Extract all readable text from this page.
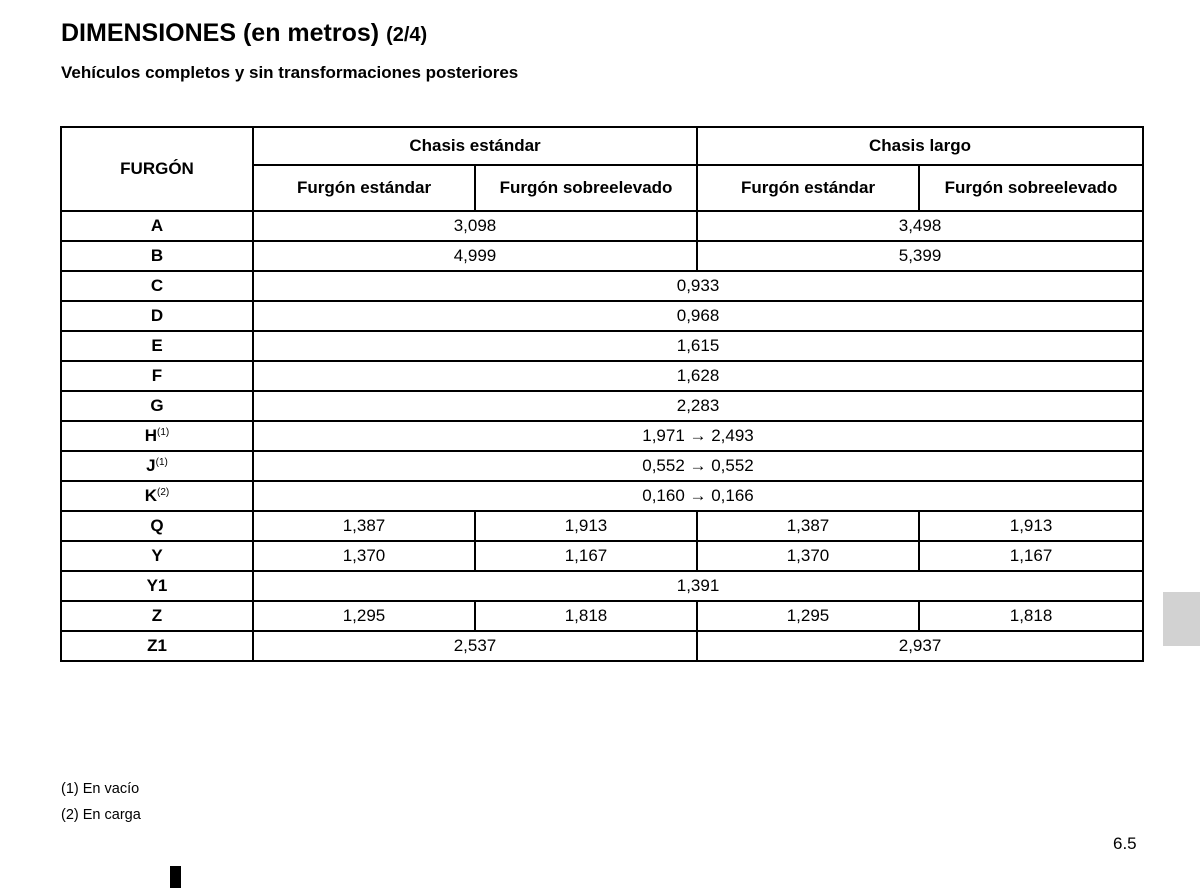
DIMENSIONES (en metros) (2/4)
Vehículos completos y sin transformaciones posteriores
FURGÓN	Chasis estándar		Chasis largo	
	Furgón estándar	Furgón sobreelevado	Furgón estándar	Furgón sobreelevado
A	3,098		3,498	
B	4,999		5,399	
C	0,933			
D	0,968			
E	1,615			
F	1,628			
G	2,283			
$H^{(1)}$	1,971 → 2,493			
$J^{(1)}$	0,552 → 0,552			
$K^{(2)}$	0,160 → 0,166			
Q	1,387	1,913	1,387	1,913
Y	1,370	1,167	1,370	1,167
Y1	1,391			
Z	1,295	1,818	1,295	1,818
Z1	2,537		2,937	
(1) En vacío
(2) En carga
6.5
